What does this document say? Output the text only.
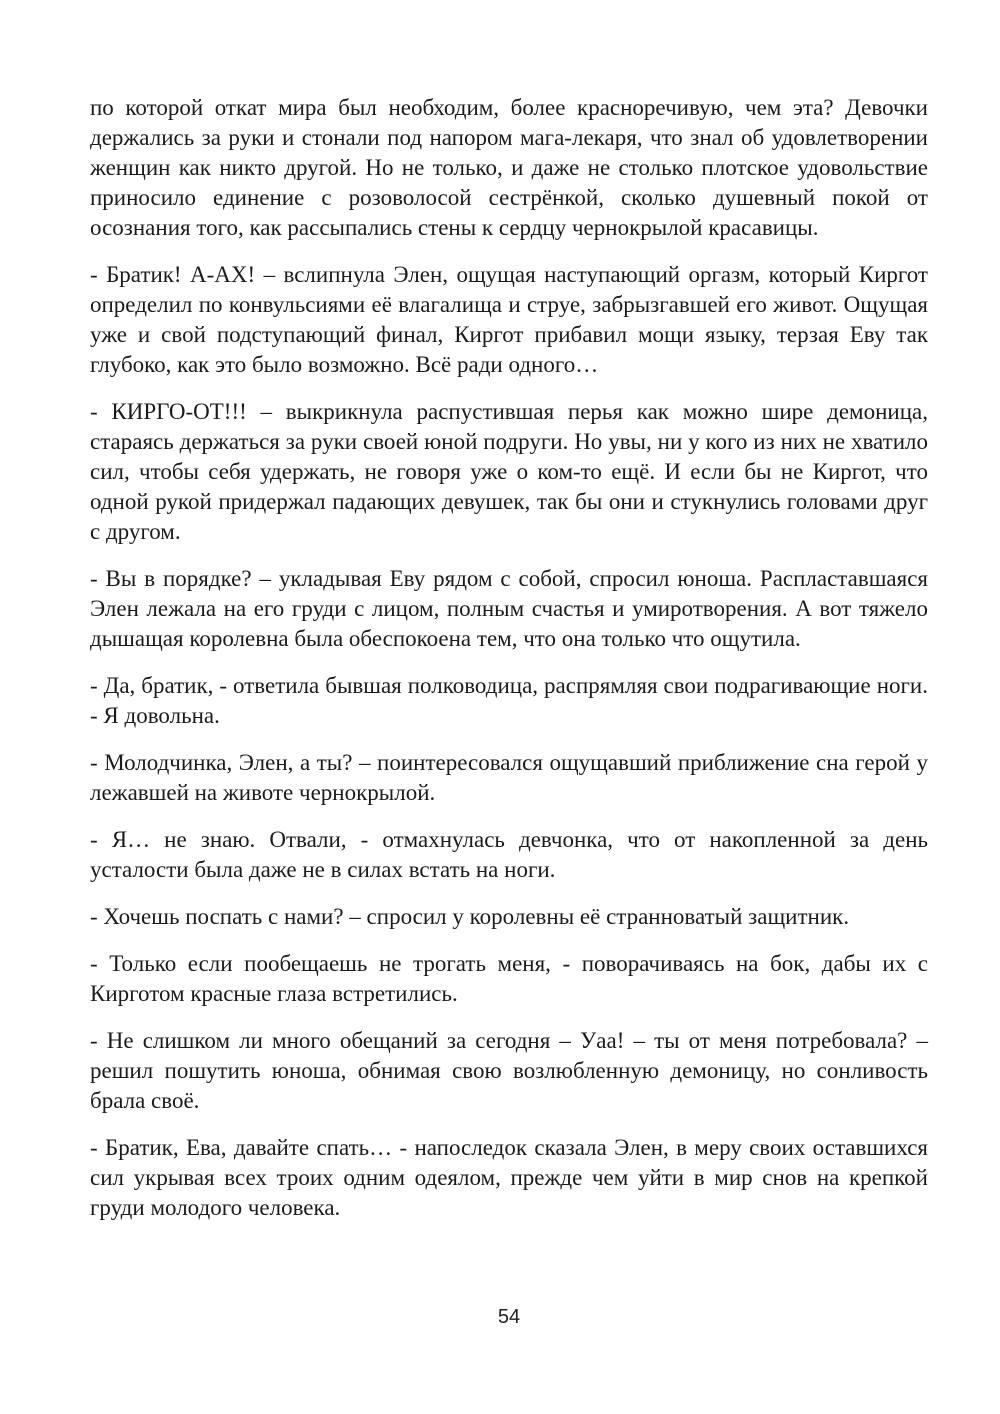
по которой откат мира был необходим, более красноречивую, чем эта? Девочки держались за руки и стонали под напором мага-лекаря, что знал об удовлетворении женщин как никто другой. Но не только, и даже не столько плотское удовольствие приносило единение с розоволосой сестрёнкой, сколько душевный покой от осознания того, как рассыпались стены к сердцу чернокрылой красавицы.

- Братик! А-АХ! – вслипнула Элен, ощущая наступающий оргазм, который Киргот определил по конвульсиями её влагалища и струе, забрызгавшей его живот. Ощущая уже и свой подступающий финал, Киргот прибавил мощи языку, терзая Еву так глубоко, как это было возможно. Всё ради одного…

- КИРГО-ОТ!!! – выкрикнула распустившая перья как можно шире демоница, стараясь держаться за руки своей юной подруги. Но увы, ни у кого из них не хватило сил, чтобы себя удержать, не говоря уже о ком-то ещё. И если бы не Киргот, что одной рукой придержал падающих девушек, так бы они и стукнулись головами друг с другом.

- Вы в порядке? – укладывая Еву рядом с собой, спросил юноша. Распластавшаяся Элен лежала на его груди с лицом, полным счастья и умиротворения. А вот тяжело дышащая королевна была обеспокоена тем, что она только что ощутила.

- Да, братик, - ответила бывшая полководица, распрямляя свои подрагивающие ноги. - Я довольна.

- Молодчинка, Элен, а ты? – поинтересовался ощущавший приближение сна герой у лежавшей на животе чернокрылой.

- Я… не знаю. Отвали, - отмахнулась девчонка, что от накопленной за день усталости была даже не в силах встать на ноги.

- Хочешь поспать с нами? – спросил у королевны её странноватый защитник.

- Только если пообещаешь не трогать меня, - поворачиваясь на бок, дабы их с Кирготом красные глаза встретились.

- Не слишком ли много обещаний за сегодня – Уаа! – ты от меня потребовала? – решил пошутить юноша, обнимая свою возлюбленную демоницу, но сонливость брала своё.

- Братик, Ева, давайте спать… - напоследок сказала Элен, в меру своих оставшихся сил укрывая всех троих одним одеялом, прежде чем уйти в мир снов на крепкой груди молодого человека.

54
